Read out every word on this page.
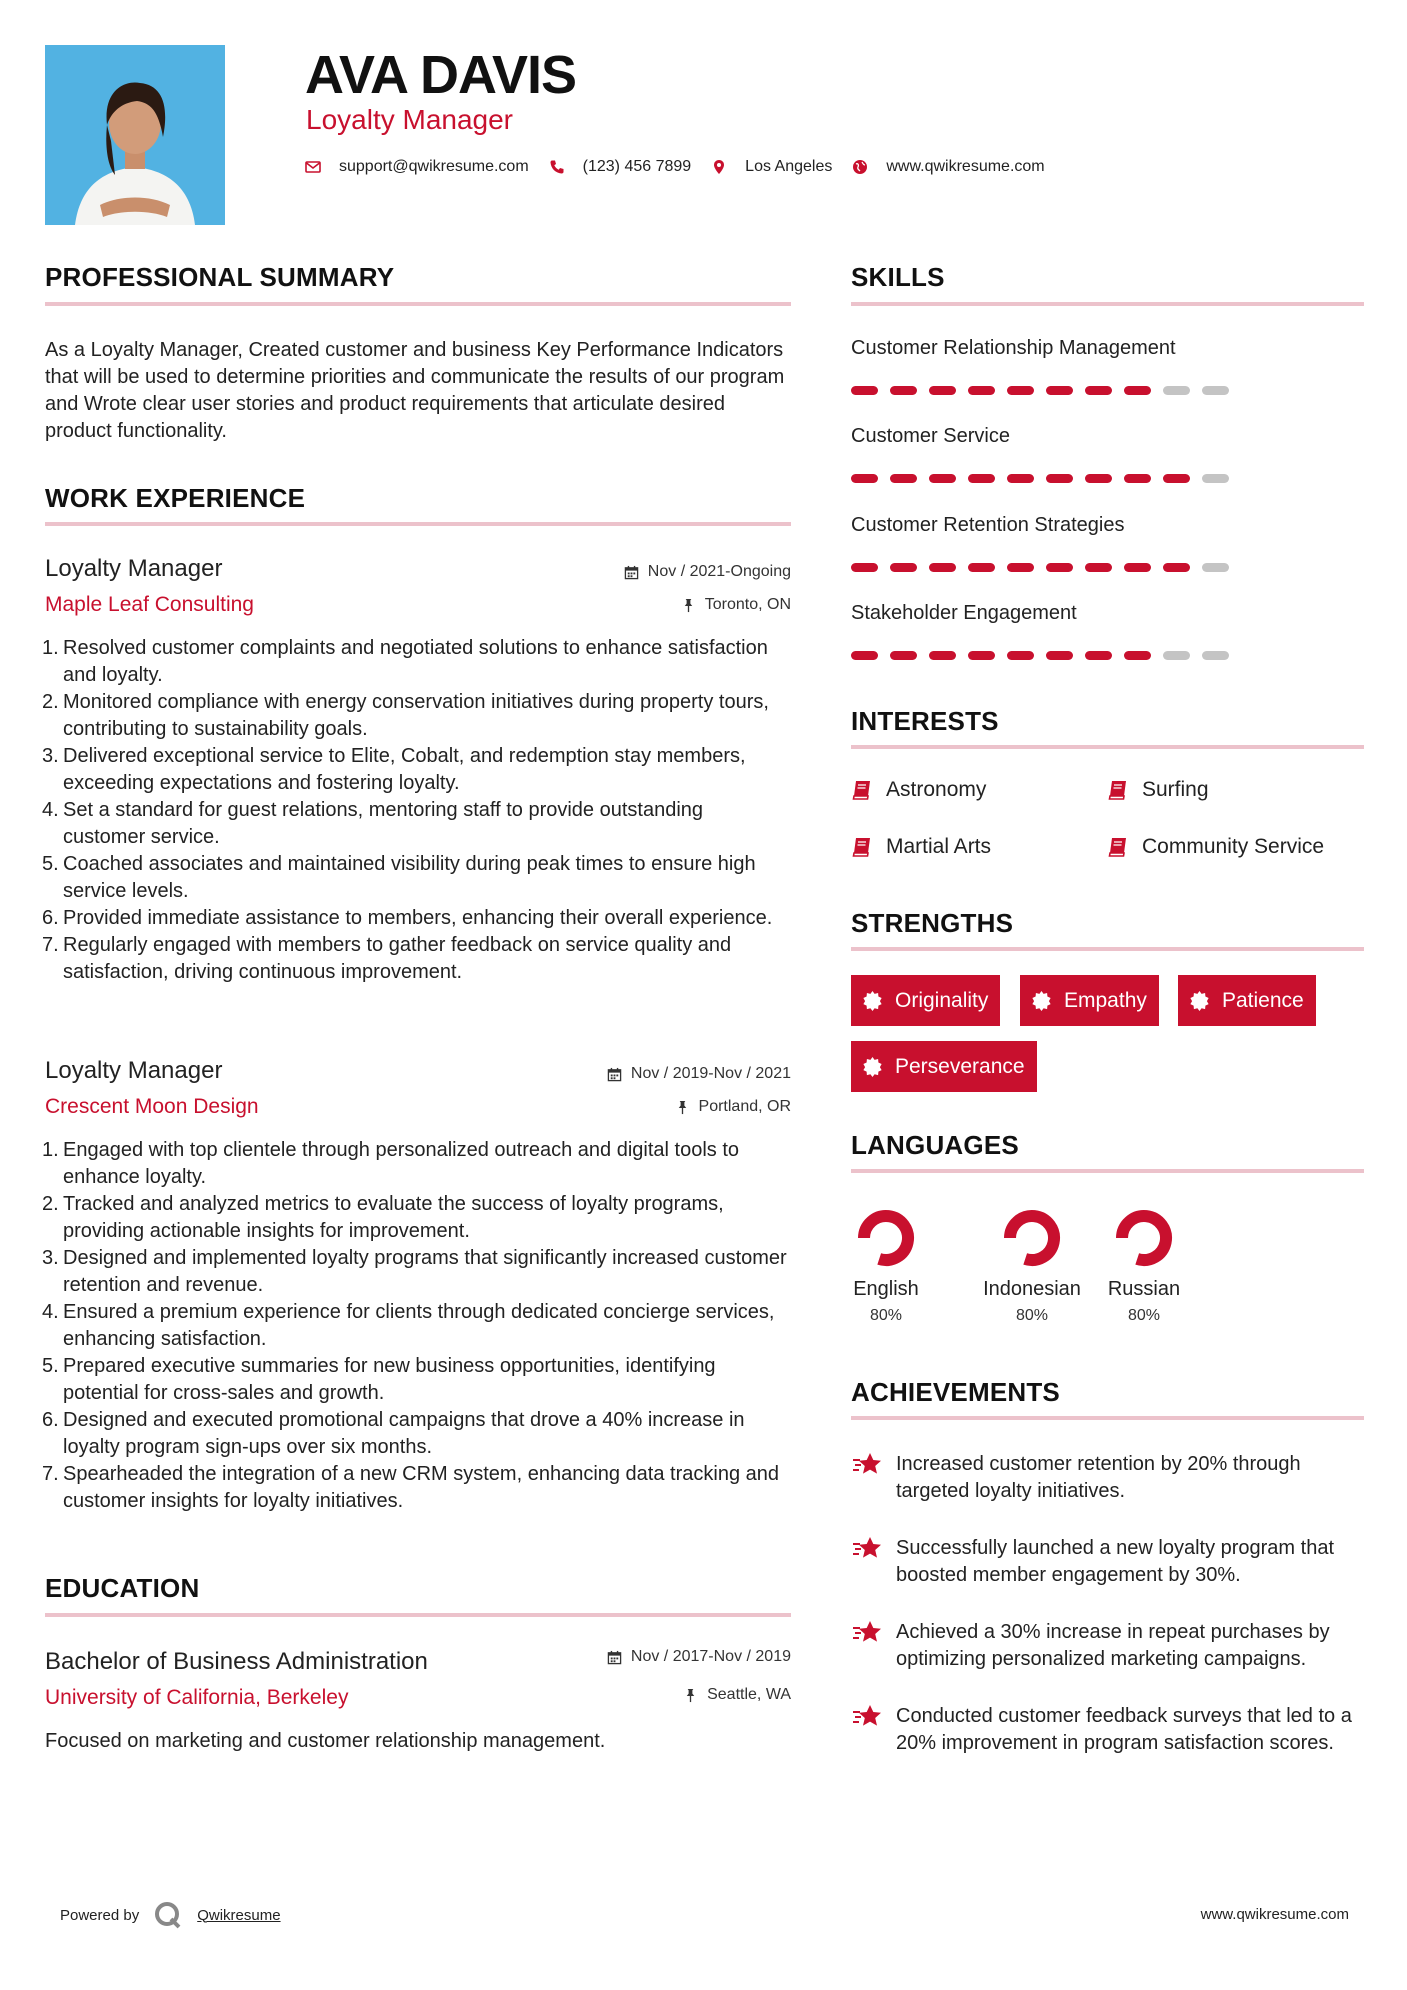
AVA DAVIS
Loyalty Manager
support@qwikresume.com	(123) 456 7899	Los Angeles	www.qwikresume.com
PROFESSIONAL SUMMARY
As a Loyalty Manager, Created customer and business Key Performance Indicators that will be used to determine priorities and communicate the results of our program and Wrote clear user stories and product requirements that articulate desired product functionality.
WORK EXPERIENCE
Loyalty Manager
Maple Leaf Consulting
Nov / 2021-Ongoing
Toronto, ON
1. Resolved customer complaints and negotiated solutions to enhance satisfaction and loyalty.
2. Monitored compliance with energy conservation initiatives during property tours, contributing to sustainability goals.
3. Delivered exceptional service to Elite, Cobalt, and redemption stay members, exceeding expectations and fostering loyalty.
4. Set a standard for guest relations, mentoring staff to provide outstanding customer service.
5. Coached associates and maintained visibility during peak times to ensure high service levels.
6. Provided immediate assistance to members, enhancing their overall experience.
7. Regularly engaged with members to gather feedback on service quality and satisfaction, driving continuous improvement.
Loyalty Manager
Crescent Moon Design
Nov / 2019-Nov / 2021
Portland, OR
1. Engaged with top clientele through personalized outreach and digital tools to enhance loyalty.
2. Tracked and analyzed metrics to evaluate the success of loyalty programs, providing actionable insights for improvement.
3. Designed and implemented loyalty programs that significantly increased customer retention and revenue.
4. Ensured a premium experience for clients through dedicated concierge services, enhancing satisfaction.
5. Prepared executive summaries for new business opportunities, identifying potential for cross-sales and growth.
6. Designed and executed promotional campaigns that drove a 40% increase in loyalty program sign-ups over six months.
7. Spearheaded the integration of a new CRM system, enhancing data tracking and customer insights for loyalty initiatives.
EDUCATION
Bachelor of Business Administration
University of California, Berkeley
Nov / 2017-Nov / 2019
Seattle, WA
Focused on marketing and customer relationship management.
SKILLS
Customer Relationship Management
Customer Service
Customer Retention Strategies
Stakeholder Engagement
INTERESTS
Astronomy	Surfing
Martial Arts	Community Service
STRENGTHS
Originality	Empathy	Patience
Perseverance
LANGUAGES
English
80%
Indonesian
80%
Russian
80%
ACHIEVEMENTS
Increased customer retention by 20% through targeted loyalty initiatives.
Successfully launched a new loyalty program that boosted member engagement by 30%.
Achieved a 30% increase in repeat purchases by optimizing personalized marketing campaigns.
Conducted customer feedback surveys that led to a 20% improvement in program satisfaction scores.
Powered by	Qwikresume	www.qwikresume.com
